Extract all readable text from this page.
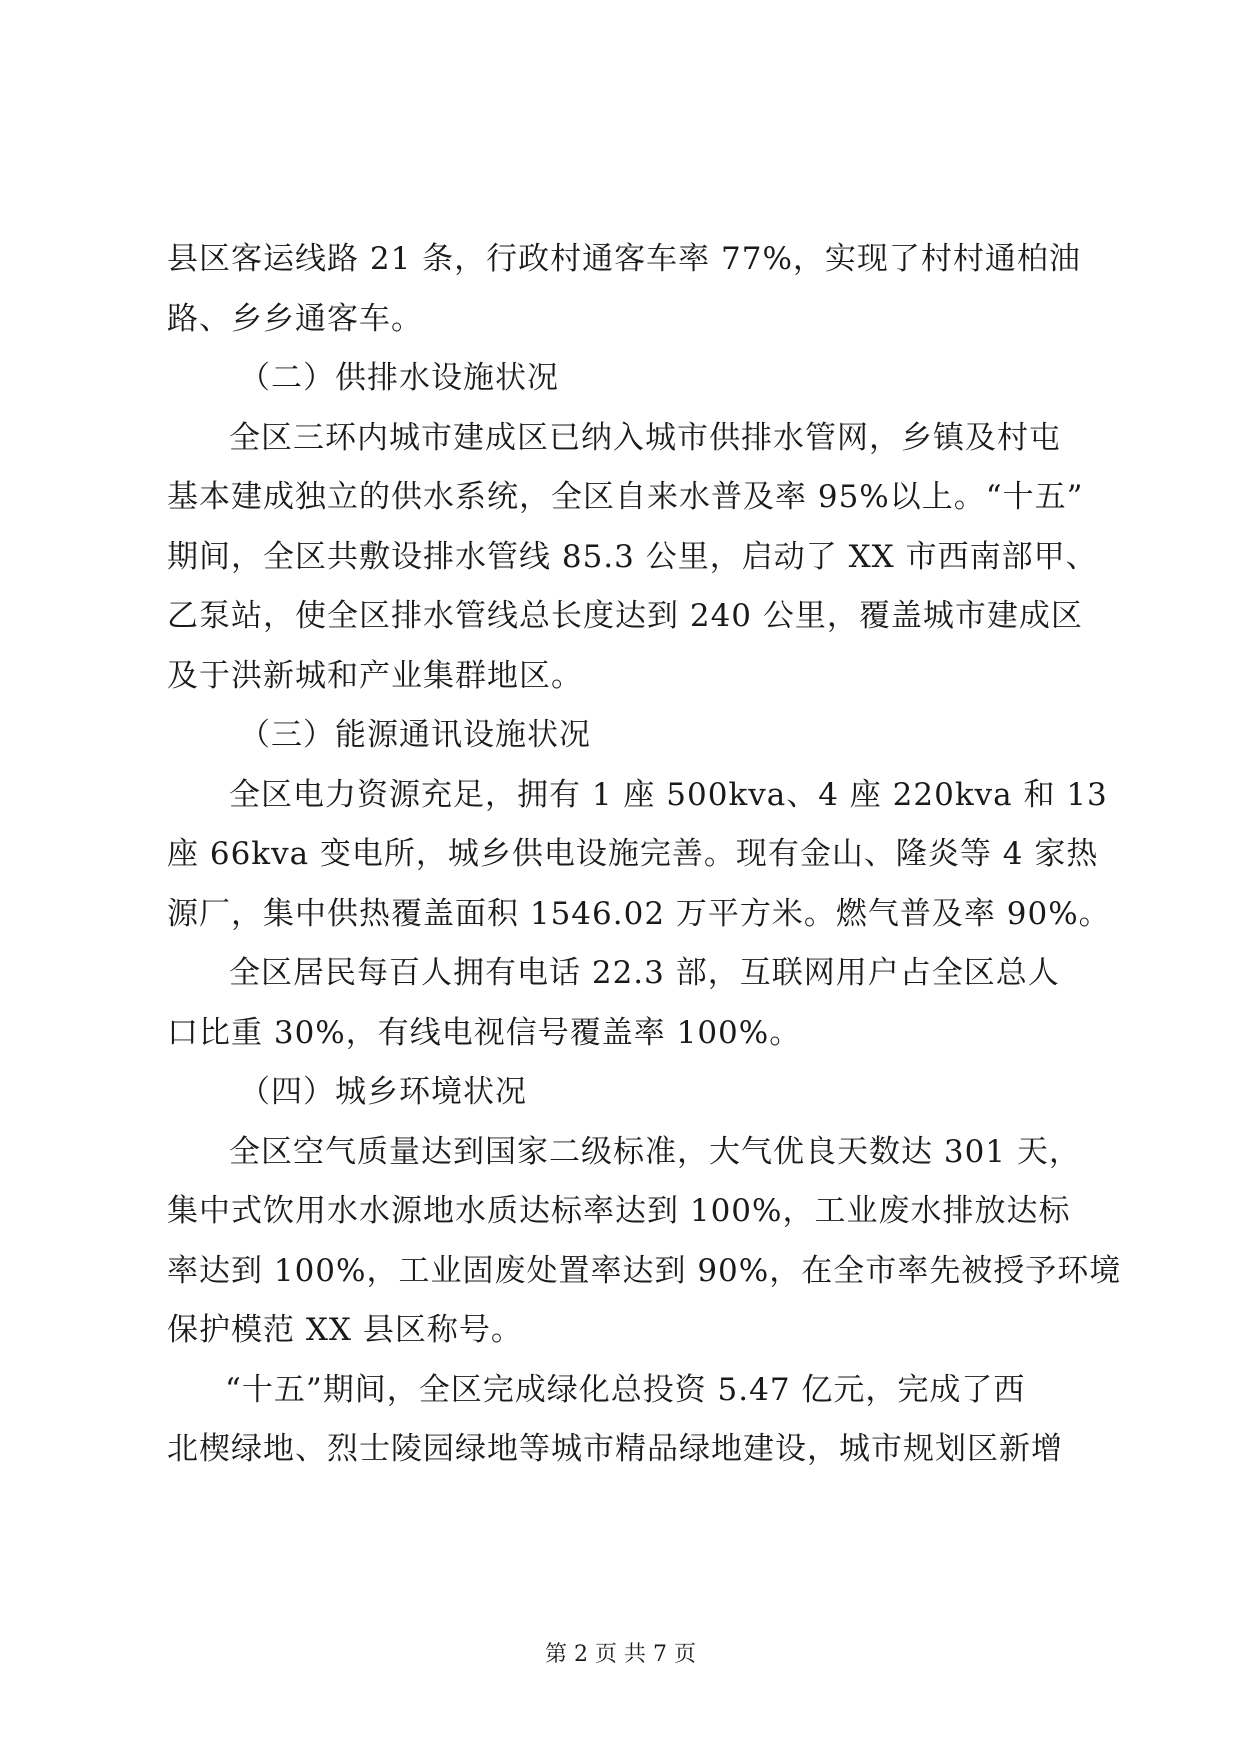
县区客运线路 21 条，行政村通客车率 77%，实现了村村通柏油
路、乡乡通客车。
（二）供排水设施状况
全区三环内城市建成区已纳入城市供排水管网，乡镇及村屯
基本建成独立的供水系统，全区自来水普及率 95%以上。“十五”
期间，全区共敷设排水管线 85.3 公里，启动了 XX 市西南部甲、
乙泵站，使全区排水管线总长度达到 240 公里，覆盖城市建成区
及于洪新城和产业集群地区。
（三）能源通讯设施状况
全区电力资源充足，拥有 1 座 500kva、4 座 220kva 和 13
座 66kva 变电所，城乡供电设施完善。现有金山、隆炎等 4 家热
源厂，集中供热覆盖面积 1546.02 万平方米。燃气普及率 90%。
全区居民每百人拥有电话 22.3 部，互联网用户占全区总人
口比重 30%，有线电视信号覆盖率 100%。
（四）城乡环境状况
全区空气质量达到国家二级标准，大气优良天数达 301 天，
集中式饮用水水源地水质达标率达到 100%，工业废水排放达标
率达到 100%，工业固废处置率达到 90%，在全市率先被授予环境
保护模范 XX 县区称号。
“十五”期间，全区完成绿化总投资 5.47 亿元，完成了西
北楔绿地、烈士陵园绿地等城市精品绿地建设，城市规划区新增
第 2 页 共 7 页
